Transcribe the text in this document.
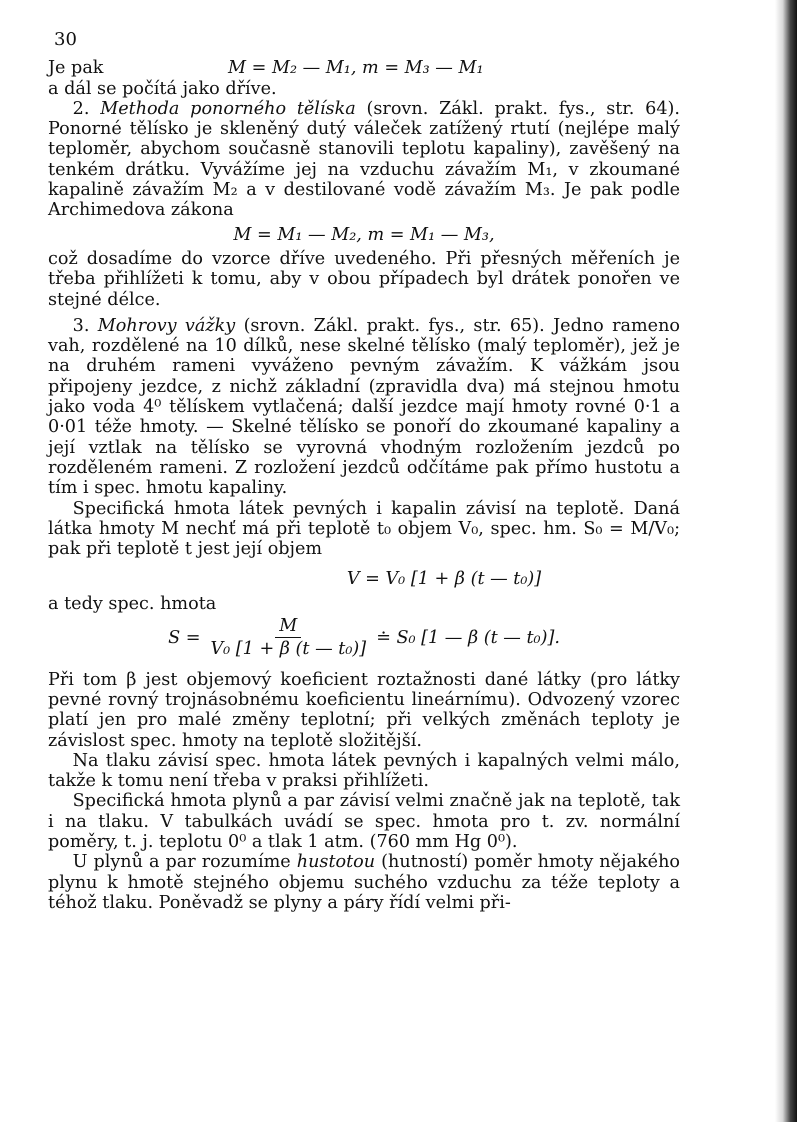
30
Je pak	M = M₂ — M₁, m = M₃ — M₁

a dál se počítá jako dříve.

2. Methoda ponorného tělíska (srovn. Zákl. prakt. fys., str. 64). Ponorné tělísko je skleněný dutý váleček zatížený rtutí (nejlépe malý teploměr, abychom současně stanovili teplotu kapaliny), zavěšený na tenkém drátku. Vyvážíme jej na vzduchu závažím M₁, v zkoumané kapalině závažím M₂ a v destilované vodě závažím M₃. Je pak podle Archimedova zákona

M = M₁ — M₂, m = M₁ — M₃,

což dosadíme do vzorce dříve uvedeného. Při přesných měřeních je třeba přihlížeti k tomu, aby v obou případech byl drátek ponořen ve stejné délce.

3. Mohrovy vážky (srovn. Zákl. prakt. fys., str. 65). Jedno rameno vah, rozdělené na 10 dílků, nese skelné tělísko (malý teploměr), jež je na druhém rameni vyváženo pevným závažím. K vážkám jsou připojeny jezdce, z nichž základní (zpravidla dva) má stejnou hmotu jako voda 4⁰ tělískem vytlačená; další jezdce mají hmoty rovné 0·1 a 0·01 téže hmoty. — Skelné tělísko se ponoří do zkoumané kapaliny a její vztlak na tělísko se vyrovná vhodným rozložením jezdců po rozděleném rameni. Z rozložení jezdců odčítáme pak přímo hustotu a tím i spec. hmotu kapaliny.

Specifická hmota látek pevných i kapalin závisí na teplotě. Daná látka hmoty M nechť má při teplotě t₀ objem V₀, spec. hm. S₀ = M/V₀; pak při teplotě t jest její objem

V = V₀ [1 + β (t — t₀)]

a tedy spec. hmota

$S = \frac{M}{\text{V₀ [1 + β (t — t₀)]}}$ ≐ S₀ [1 — β (t — t₀)].

Při tom β jest objemový koeficient roztažnosti dané látky (pro látky pevné rovný trojnásobnému koeficientu lineárnímu). Odvozený vzorec platí jen pro malé změny teplotní; při velkých změnách teploty je závislost spec. hmoty na teplotě složitější.

Na tlaku závisí spec. hmota látek pevných i kapalných velmi málo, takže k tomu není třeba v praksi přihlížeti.

Specifická hmota plynů a par závisí velmi značně jak na teplotě, tak i na tlaku. V tabulkách uvádí se spec. hmota pro t. zv. normální poměry, t. j. teplotu 0⁰ a tlak 1 atm. (760 mm Hg 0⁰).

U plynů a par rozumíme hustotou (hutností) poměr hmoty nějakého plynu k hmotě stejného objemu suchého vzduchu za téže teploty a téhož tlaku. Poněvadž se plyny a páry řídí velmi při-
